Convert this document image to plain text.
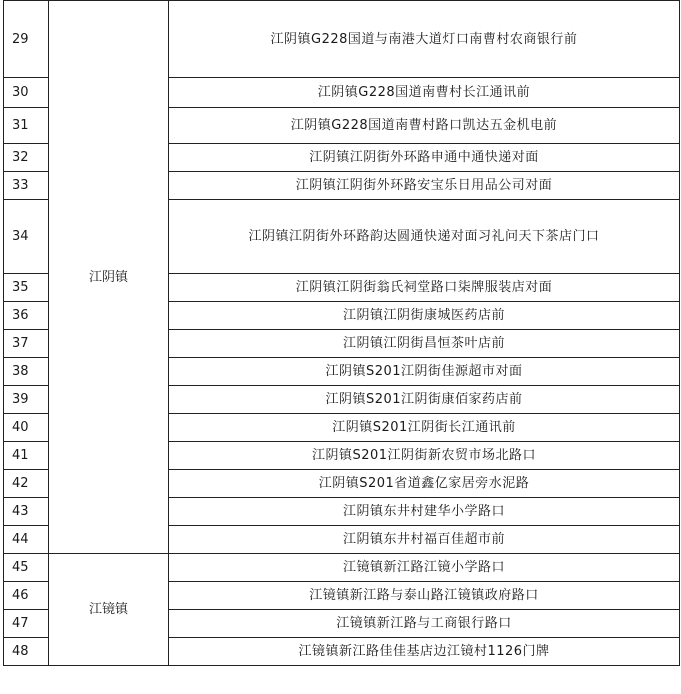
29	江阴镇	江阴镇G228国道与南港大道灯口南曹村农商银行前
30		江阴镇G228国道南曹村长江通讯前
31		江阴镇G228国道南曹村路口凯达五金机电前
32		江阴镇江阴街外环路申通中通快递对面
33		江阴镇江阴街外环路安宝乐日用品公司对面
34		江阴镇江阴街外环路韵达圆通快递对面习礼问天下茶店门口
35		江阴镇江阴街翁氏祠堂路口柒牌服装店对面
36		江阴镇江阴街康城医药店前
37		江阴镇江阴街昌恒茶叶店前
38		江阴镇S201江阴街佳源超市对面
39		江阴镇S201江阴街康佰家药店前
40		江阴镇S201江阴街长江通讯前
41		江阴镇S201江阴街新农贸市场北路口
42		江阴镇S201省道鑫亿家居旁水泥路
43		江阴镇东井村建华小学路口
44		江阴镇东井村福百佳超市前
45	江镜镇	江镜镇新江路江镜小学路口
46		江镜镇新江路与泰山路江镜镇政府路口
47		江镜镇新江路与工商银行路口
48		江镜镇新江路佳佳基店边江镜村1126门牌
